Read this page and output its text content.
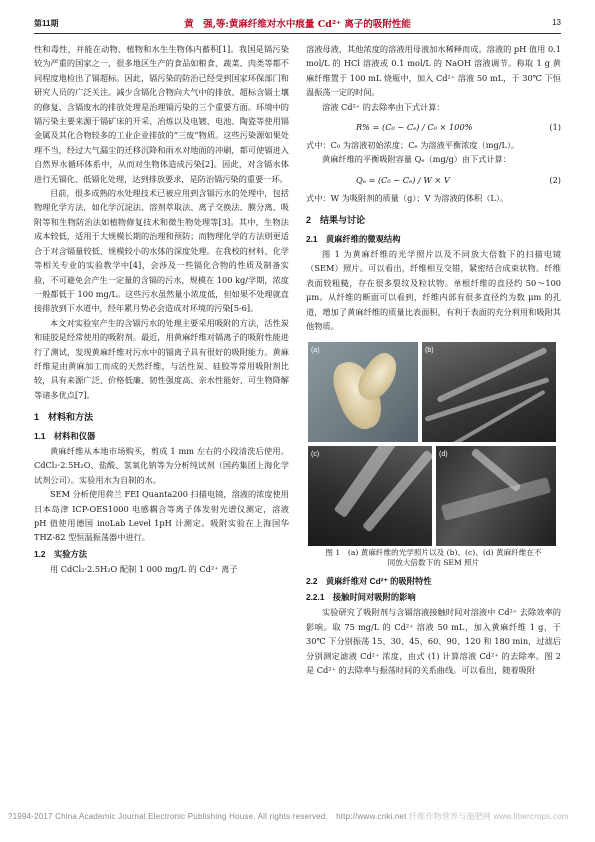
第11期	黄　强,等:黄麻纤维对水中痕量 Cd²⁺ 离子的吸附性能	13

性和毒性，并能在动物、植物和水生生物体内蓄积[1]。我国是镉污染较为严重的国家之一，很多地区生产的食品如粮食、蔬菜、肉类等都不同程度地检出了镉超标。因此，镉污染的防治已经受到国家环保部门和研究人员的广泛关注。减少含镉化合物向大气中的排放、超标含镉土壤的修复、含镉废水的排放处理是治理镉污染的三个重要方面。环境中的镉污染主要来源于镉矿床的开采、冶炼以及电镀、电池、陶瓷等使用镉金属及其化合物较多的工业企业排放的“三废”物质。这些污染源如果处理不当，经过大气漏尘的迁移沉降和雨水对地面的冲刷，都可使镉进入自然界水循环体系中，从而对生物体造成污染[2]。因此，对含镉水体进行无镉化、低镉化处理，达到排放要求，是防治镉污染的重要一环。

目前，很多成熟的水处理技术已被应用到含镉污水的处理中，包括物理化学方法，如化学沉淀法、溶剂萃取法、离子交换法、膜分离、吸附等和生物防治法如植物修复技术和微生物处理等[3]。其中，生物法成本较低，适用于大规模长期的治理和预防；而物理化学的方法则更适合于对含镉量较低、规模较小的水体的深度处理。在我校的材料、化学等相关专业的实验教学中[4]，会涉及一些镉化合物的性质及制备实验，不可避免会产生一定量的含镉的污水，规模在 100 kg/学期，浓度一般都低于 100 mg/L。这些污水虽然量小浓度低，但如果不处理就直接排放到下水道中，经年累月势必会造成对环境的污染[5-6]。

本文对实验室产生的含镉污水的处理主要采用吸附的方法，活性炭和硅胶是经常使用的吸附剂。最近，用黄麻纤维对镉离子的吸附性能进行了测试，发现黄麻纤维对污水中的镉离子具有很好的吸附能力。黄麻纤维是由黄麻加工而成的天然纤维，与活性炭、硅胶等常用吸附剂比较，具有来源广泛、价格低廉、韧性强度高、亲水性能好、可生物降解等诸多优点[7]。

1　材料和方法
1.1　材料和仪器

黄麻纤维从本地市场购买，剪成 1 mm 左右的小段清洗后使用。CdCl₂·2.5H₂O、盐酸、氢氧化钠等为分析纯试剂（国药集团上海化学试剂公司）。实验用水为自制的水。

SEM 分析使用荷兰 FEI Quanta200 扫描电镜，溶液的浓度使用日本岛津 ICP-OES1000 电感耦合等离子体发射光谱仪测定，溶液 pH 值使用德国 inoLab Level 1pH 计测定。吸附实验在上海国华 THZ-82 型恒温振荡器中进行。

1.2　实验方法

用 CdCl₂·2.5H₂O 配制 1 000 mg/L 的 Cd²⁺ 离子

溶液母液，其他浓度的溶液用母液加水稀释而成。溶液的 pH 值用 0.1 mol/L 的 HCl 溶液或 0.1 mol/L 的 NaOH 溶液调节。称取 1 g 黄麻纤维置于 100 mL 烧瓶中，加入 Cd²⁺ 溶液 50 mL，于 30℃ 下恒温振荡一定的时间。

溶液 Cd²⁺ 的去除率由下式计算：

R% = (C₀ − Cₑ) / C₀ × 100%	(1)

式中：C₀ 为溶液初始浓度；Cₑ 为溶液平衡浓度（mg/L）。

黄麻纤维的平衡吸附容量 Qₑ（mg/g）由下式计算：

Qₑ = (C₀ − Cₑ) / W × V	(2)

式中：W 为吸附剂的质量（g）；V 为溶液的体积（L）。

2　结果与讨论
2.1　黄麻纤维的微观结构

图 1 为黄麻纤维的光学照片以及不同放大倍数下的扫描电镜（SEM）照片。可以看出，纤维相互交错，紧密结合成束状物。纤维表面较粗糙，存在很多裂纹及粒状物。单根纤维的直径约 50～100 μm。从纤维的断面可以看到，纤维内部有很多直径约为数 μm 的孔道，增加了黄麻纤维的质量比表面积，有利于表面的充分利用和吸附其他物质。

(a)	(b)
(c)	(d)
图 1　(a) 黄麻纤维的光学照片以及 (b)、(c)、(d) 黄麻纤维在不同放大倍数下的 SEM 照片
2.2　黄麻纤维对 Cd²⁺ 的吸附特性
2.2.1　接触时间对吸附的影响

实验研究了吸附剂与含镉溶液接触时间对溶液中 Cd²⁺ 去除效率的影响。取 75 mg/L 的 Cd²⁺ 溶液 50 mL，加入黄麻纤维 1 g，于 30℃ 下分别振荡 15、30、45、60、90、120 和 180 min，过滤后分别测定滤液 Cd²⁺ 浓度，由式 (1) 计算溶液 Cd²⁺ 的去除率。图 2 是 Cd²⁺ 的去除率与振荡时间的关系曲线。可以看出，随着吸附

?1994-2017 China Academic Journal Electronic Publishing House. All rights reserved.　http://www.cnki.net 纤维作物营养与施肥网 www.fibercrops.com
